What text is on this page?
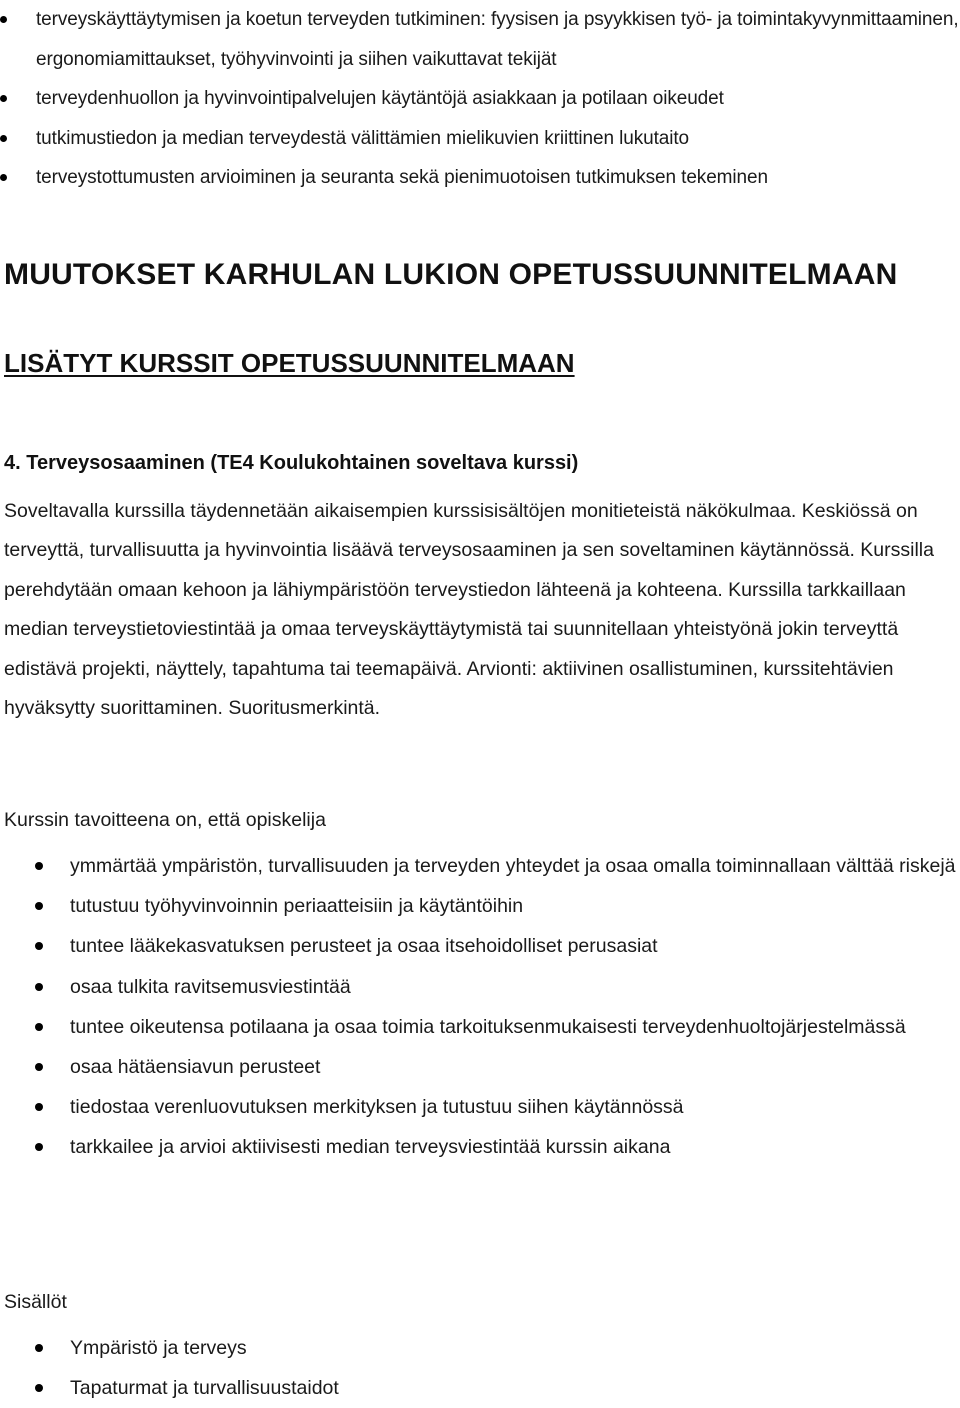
terveyskäyttäytymisen ja koetun terveyden tutkiminen: fyysisen ja psyykkisen työ- ja toimintakyvynmittaaminen, ergonomiamittaukset, työhyvinvointi ja siihen vaikuttavat tekijät
terveydenhuollon ja hyvinvointipalvelujen käytäntöjä asiakkaan ja potilaan oikeudet
tutkimustiedon ja median terveydestä välittämien mielikuvien kriittinen lukutaito
terveystottumusten arvioiminen ja seuranta sekä pienimuotoisen tutkimuksen tekeminen
MUUTOKSET KARHULAN LUKION OPETUSSUUNNITELMAAN
LISÄTYT KURSSIT OPETUSSUUNNITELMAAN
4. Terveysosaaminen (TE4 Koulukohtainen soveltava kurssi)

Soveltavalla kurssilla täydennetään aikaisempien kurssisisältöjen monitieteistä näkökulmaa. Keskiössä on terveyttä, turvallisuutta ja hyvinvointia lisäävä terveysosaaminen ja sen soveltaminen käytännössä. Kurssilla perehdytään omaan kehoon ja lähiympäristöön terveystiedon lähteenä ja kohteena. Kurssilla tarkkaillaan median terveystietoviestintää ja omaa terveyskäyttäytymistä tai suunnitellaan yhteistyönä jokin terveyttä edistävä projekti, näyttely, tapahtuma tai teemapäivä. Arvionti: aktiivinen osallistuminen, kurssitehtävien hyväksytty suorittaminen. Suoritusmerkintä.

Kurssin tavoitteena on, että opiskelija

ymmärtää ympäristön, turvallisuuden ja terveyden yhteydet ja osaa omalla toiminnallaan välttää riskejä
tutustuu työhyvinvoinnin periaatteisiin ja käytäntöihin
tuntee lääkekasvatuksen perusteet ja osaa itsehoidolliset perusasiat
osaa tulkita ravitsemusviestintää
tuntee oikeutensa potilaana ja osaa toimia tarkoituksenmukaisesti terveydenhuoltojärjestelmässä
osaa hätäensiavun perusteet
tiedostaa verenluovutuksen merkityksen ja tutustuu siihen käytännössä
tarkkailee ja arvioi aktiivisesti median terveysviestintää kurssin aikana

Sisällöt

Ympäristö ja terveys
Tapaturmat ja turvallisuustaidot
